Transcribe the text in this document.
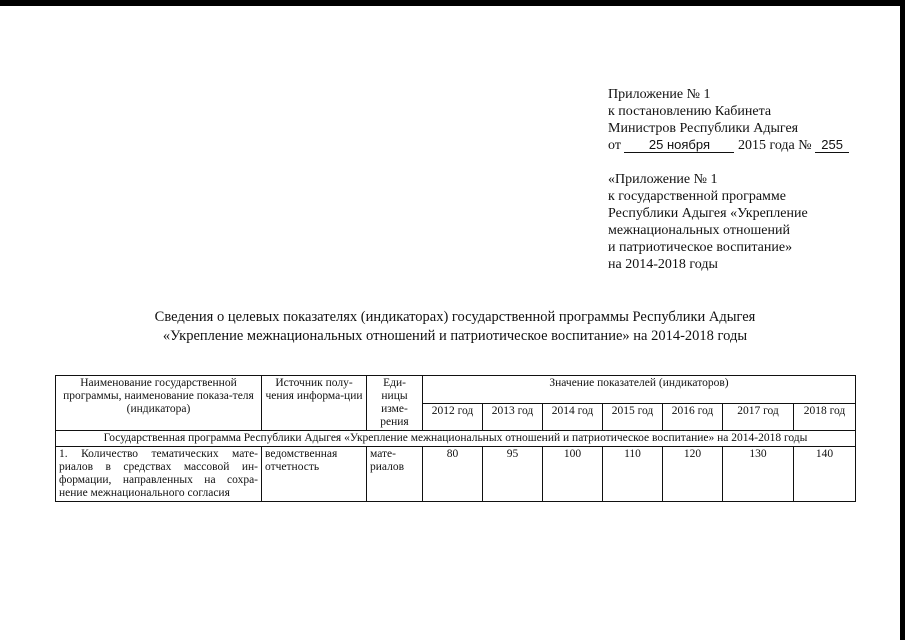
Приложение № 1
к постановлению Кабинета
Министров Республики Адыгея
от 25 ноября 2015 года № 255
«Приложение № 1
к государственной программе
Республики Адыгея «Укрепление
межнациональных отношений
и патриотическое воспитание»
на 2014-2018 годы
Сведения о целевых показателях (индикаторах) государственной программы Республики Адыгея
«Укрепление межнациональных отношений и патриотическое воспитание» на 2014-2018 годы
Наименование государственной программы, наименование показа-теля (индикатора)	Источник полу-чения информа-ции	Еди-ницы изме-рения	Значение показателей (индикаторов)						
			2012 год	2013 год	2014 год	2015 год	2016 год	2017 год	2018 год
Государственная программа Республики Адыгея «Укрепление межнациональных отношений и патриотическое воспитание» на 2014-2018 годы									
1. Количество тематических мате-риалов в средствах массовой ин-формации, направленных на сохра-нение межнационального согласия	ведомственная отчетность	мате-риалов	80	95	100	110	120	130	140
